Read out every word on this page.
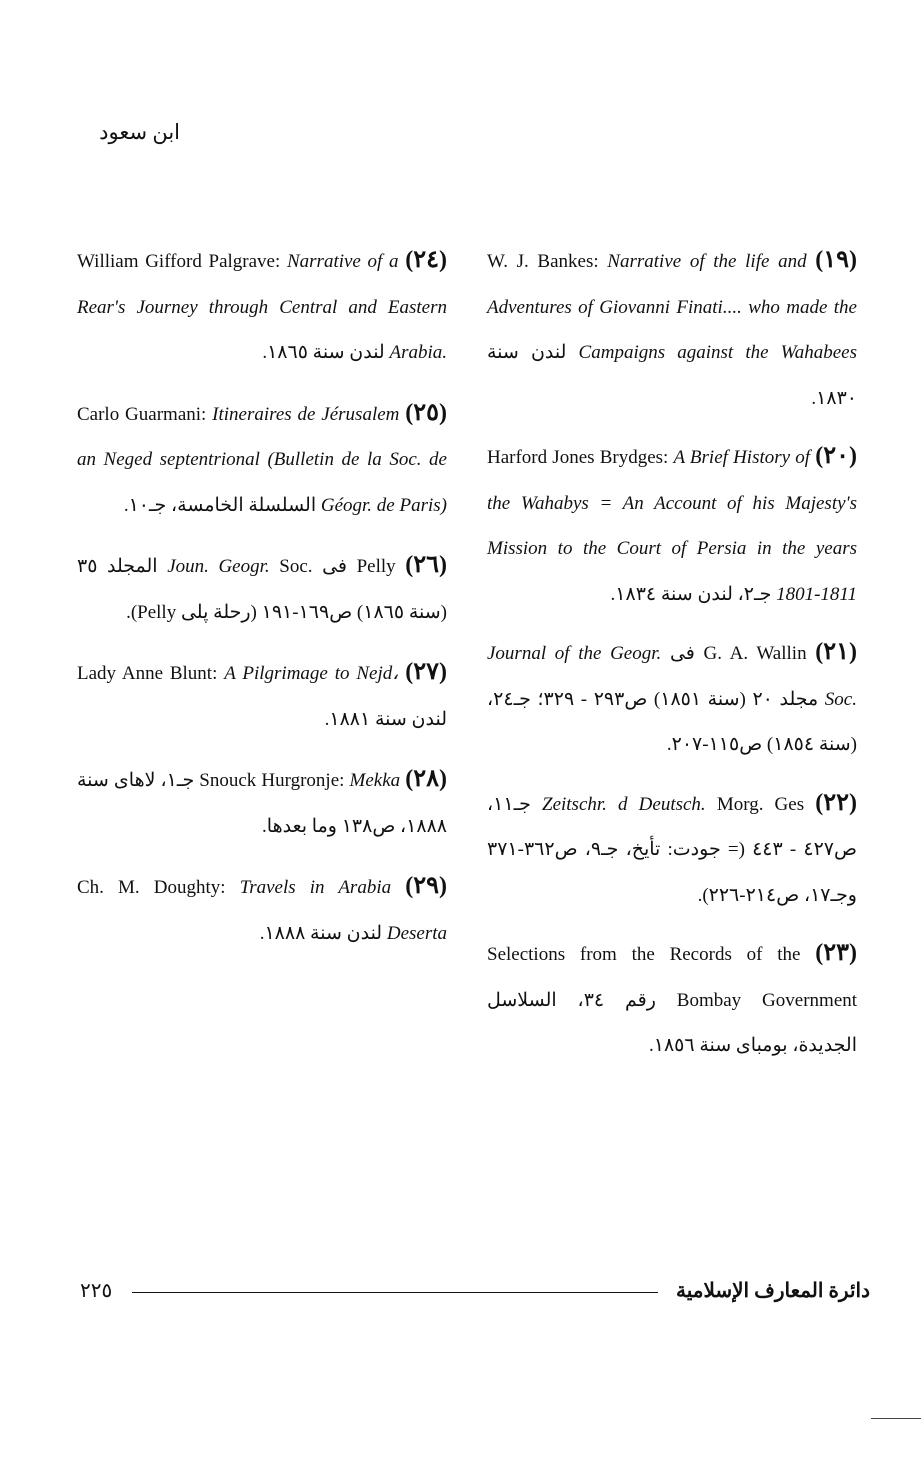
ابن سعود

(١٩) W. J. Bankes: Narrative of the life and Adventures of Giovanni Finati.... who made the Campaigns against the Wahabees لندن سنة ١٨٣٠.

(٢٠) Harford Jones Brydges: A Brief History of the Wahabys = An Account of his Majesty's Mission to the Court of Persia in the years 1801-1811 جـ٢، لندن سنة ١٨٣٤.

(٢١) G. A. Wallin فى Journal of the Geogr. Soc. مجلد ٢٠ (سنة ١٨٥١) ص٢٩٣ - ٣٢٩؛ جـ٢٤، (سنة ١٨٥٤) ص١١٥-٢٠٧.

(٢٢) Zeitschr. d Deutsch. Morg. Ges جـ١١، ص٤٢٧ - ٤٤٣ (= جودت: تأيخ، جـ٩، ص٣٦٢-٣٧١ وجـ١٧، ص٢١٤-٢٢٦).

(٢٣) Selections from the Records of the Bombay Government رقم ٣٤، السلاسل الجديدة، بومباى سنة ١٨٥٦.

(٢٤) William Gifford Palgrave: Narrative of a Rear's Journey through Central and Eastern Arabia. لندن سنة ١٨٦٥.

(٢٥) Carlo Guarmani: Itineraires de Jérusalem an Neged septentrional (Bulletin de la Soc. de Géogr. de Paris) السلسلة الخامسة، جـ١٠.

(٢٦) Pelly فى Joun. Geogr. Soc. المجلد ٣٥ (سنة ١٨٦٥) ص١٦٩-١٩١ (رحلة پلى Pelly).

(٢٧) Lady Anne Blunt: A Pilgrimage to Nejd، لندن سنة ١٨٨١.

(٢٨) Snouck Hurgronje: Mekka جـ١، لاهاى سنة ١٨٨٨، ص١٣٨ وما بعدها.

(٢٩) Ch. M. Doughty: Travels in Arabia Deserta لندن سنة ١٨٨٨.

٢٢٥	دائرة المعارف الإسلامية
